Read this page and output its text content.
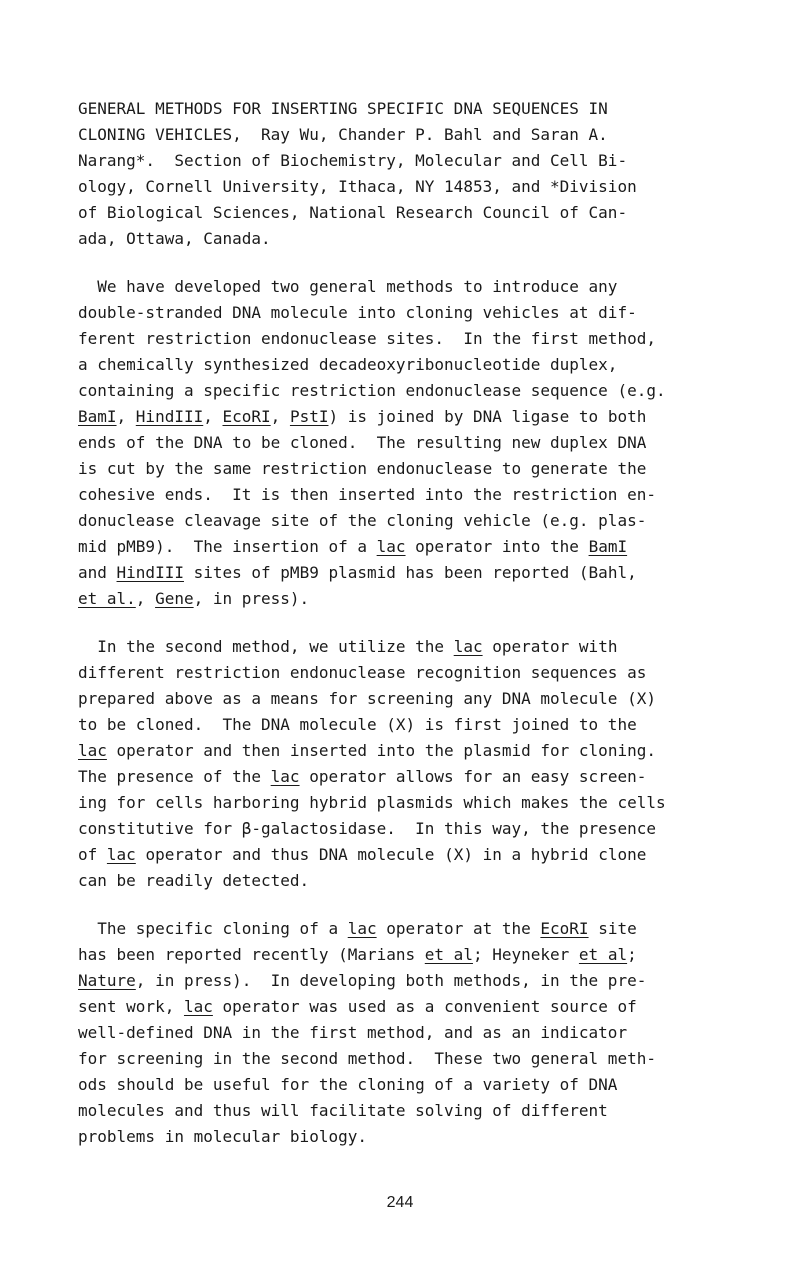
GENERAL METHODS FOR INSERTING SPECIFIC DNA SEQUENCES IN
CLONING VEHICLES,  Ray Wu, Chander P. Bahl and Saran A.
Narang*.  Section of Biochemistry, Molecular and Cell Bi-
ology, Cornell University, Ithaca, NY 14853, and *Division
of Biological Sciences, National Research Council of Can-
ada, Ottawa, Canada.

We have developed two general methods to introduce any
double-stranded DNA molecule into cloning vehicles at dif-
ferent restriction endonuclease sites.  In the first method,
a chemically synthesized decadeoxyribonucleotide duplex,
containing a specific restriction endonuclease sequence (e.g.
BamI, HindIII, EcoRI, PstI) is joined by DNA ligase to both
ends of the DNA to be cloned.  The resulting new duplex DNA
is cut by the same restriction endonuclease to generate the
cohesive ends.  It is then inserted into the restriction en-
donuclease cleavage site of the cloning vehicle (e.g. plas-
mid pMB9).  The insertion of a lac operator into the BamI
and HindIII sites of pMB9 plasmid has been reported (Bahl,
et al., Gene, in press).

In the second method, we utilize the lac operator with
different restriction endonuclease recognition sequences as
prepared above as a means for screening any DNA molecule (X)
to be cloned.  The DNA molecule (X) is first joined to the
lac operator and then inserted into the plasmid for cloning.
The presence of the lac operator allows for an easy screen-
ing for cells harboring hybrid plasmids which makes the cells
constitutive for β-galactosidase.  In this way, the presence
of lac operator and thus DNA molecule (X) in a hybrid clone
can be readily detected.

The specific cloning of a lac operator at the EcoRI site
has been reported recently (Marians et al; Heyneker et al;
Nature, in press).  In developing both methods, in the pre-
sent work, lac operator was used as a convenient source of
well-defined DNA in the first method, and as an indicator
for screening in the second method.  These two general meth-
ods should be useful for the cloning of a variety of DNA
molecules and thus will facilitate solving of different
problems in molecular biology.

244
